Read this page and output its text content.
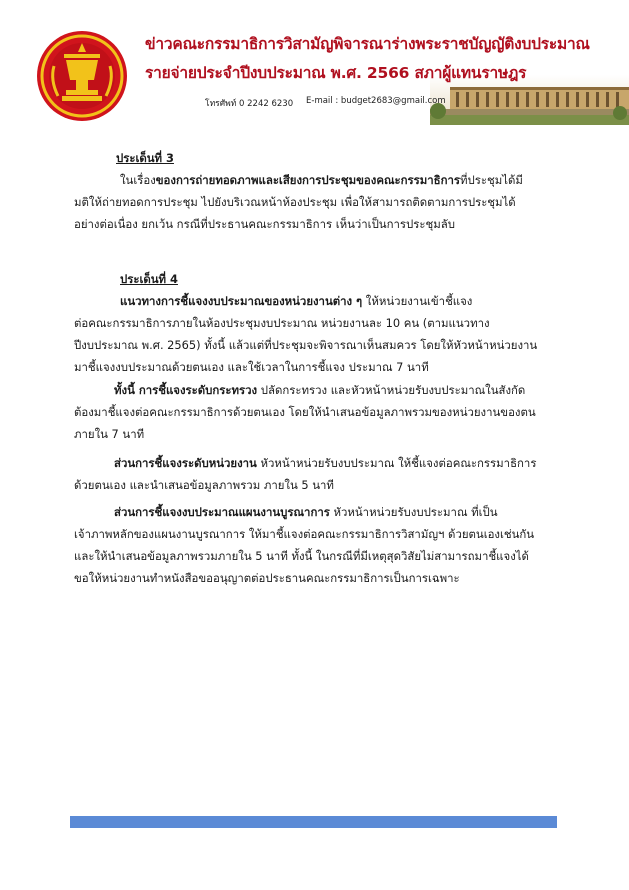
ข่าวคณะกรรมาธิการวิสามัญพิจารณาร่างพระราชบัญญัติงบประมาณ
รายจ่ายประจำปีงบประมาณ พ.ศ. 2566 สภาผู้แทนราษฎร
โทรศัพท์ 0 2242 6230 E-mail : budget2683@gmail.com
ประเด็นที่ 3
ในเรื่องของการถ่ายทอดภาพและเสียงการประชุมของคณะกรรมาธิการที่ประชุมได้มี
มติให้ถ่ายทอดการประชุม ไปยังบริเวณหน้าห้องประชุม เพื่อให้สามารถติดตามการประชุมได้
อย่างต่อเนื่อง ยกเว้น กรณีที่ประธานคณะกรรมาธิการ เห็นว่าเป็นการประชุมลับ
ประเด็นที่ 4
แนวทางการชี้แจงงบประมาณของหน่วยงานต่าง ๆ ให้หน่วยงานเข้าชี้แจง
ต่อคณะกรรมาธิการภายในห้องประชุมงบประมาณ หน่วยงานละ 10 คน (ตามแนวทาง
ปีงบประมาณ พ.ศ. 2565) ทั้งนี้ แล้วแต่ที่ประชุมจะพิจารณาเห็นสมควร โดยให้หัวหน้าหน่วยงาน
มาชี้แจงงบประมาณด้วยตนเอง และใช้เวลาในการชี้แจง ประมาณ 7 นาที
ทั้งนี้ การชี้แจงระดับกระทรวง ปลัดกระทรวง และหัวหน้าหน่วยรับงบประมาณในสังกัด
ต้องมาชี้แจงต่อคณะกรรมาธิการด้วยตนเอง โดยให้นำเสนอข้อมูลภาพรวมของหน่วยงานของตน
ภายใน 7 นาที
ส่วนการชี้แจงระดับหน่วยงาน หัวหน้าหน่วยรับงบประมาณ ให้ชี้แจงต่อคณะกรรมาธิการ
ด้วยตนเอง และนำเสนอข้อมูลภาพรวม ภายใน 5 นาที
ส่วนการชี้แจงงบประมาณแผนงานบูรณาการ หัวหน้าหน่วยรับงบประมาณ ที่เป็น
เจ้าภาพหลักของแผนงานบูรณาการ ให้มาชี้แจงต่อคณะกรรมาธิการวิสามัญฯ ด้วยตนเองเช่นกัน
และให้นำเสนอข้อมูลภาพรวมภายใน 5 นาที ทั้งนี้ ในกรณีที่มีเหตุสุดวิสัยไม่สามารถมาชี้แจงได้
ขอให้หน่วยงานทำหนังสือขออนุญาตต่อประธานคณะกรรมาธิการเป็นการเฉพาะ
